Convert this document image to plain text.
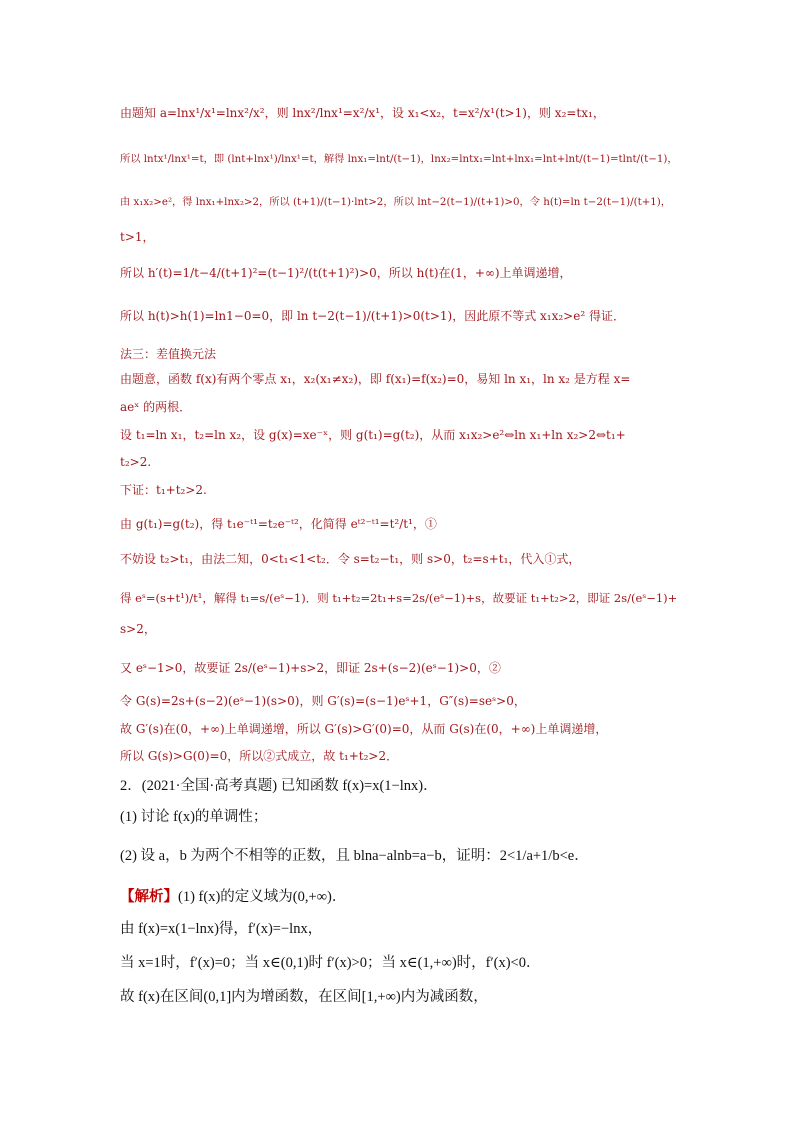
由题知 a=lnx¹/x¹=lnx²/x²，则 lnx²/lnx¹=x²/x¹，设 x₁<x₂，t=x²/x¹(t>1)，则 x₂=tx₁，
所以 lntx¹/lnx¹=t，即 (lnt+lnx¹)/lnx¹=t，解得 lnx₁=lnt/(t−1)，lnx₂=lntx₁=lnt+lnx₁=lnt+lnt/(t−1)=tlnt/(t−1)，
由 x₁x₂>e²，得 lnx₁+lnx₂>2，所以 (t+1)/(t−1)·lnt>2，所以 lnt−2(t−1)/(t+1)>0，令 h(t)=ln t−2(t−1)/(t+1)，
t>1，
所以 h′(t)=1/t−4/(t+1)²=(t−1)²/(t(t+1)²)>0，所以 h(t)在(1，+∞)上单调递增，
所以 h(t)>h(1)=ln1−0=0，即 ln t−2(t−1)/(t+1)>0(t>1)，因此原不等式 x₁x₂>e² 得证．
法三：差值换元法
由题意，函数 f(x)有两个零点 x₁，x₂(x₁≠x₂)，即 f(x₁)=f(x₂)=0，易知 ln x₁，ln x₂ 是方程 x=
aeˣ 的两根．
设 t₁=ln x₁，t₂=ln x₂，设 g(x)=xe⁻ˣ，则 g(t₁)=g(t₂)，从而 x₁x₂>e²⇔ln x₁+ln x₂>2⇔t₁+
t₂>2.
下证：t₁+t₂>2.
由 g(t₁)=g(t₂)，得 t₁e⁻ᵗ¹=t₂e⁻ᵗ²，化简得 eᵗ²⁻ᵗ¹=t²/t¹，①
不妨设 t₂>t₁，由法二知，0<t₁<1<t₂．令 s=t₂−t₁，则 s>0，t₂=s+t₁，代入①式，
得 eˢ=(s+t¹)/t¹，解得 t₁=s/(eˢ−1)．则 t₁+t₂=2t₁+s=2s/(eˢ−1)+s，故要证 t₁+t₂>2，即证 2s/(eˢ−1)+
s>2，
又 eˢ−1>0，故要证 2s/(eˢ−1)+s>2，即证 2s+(s−2)(eˢ−1)>0，②
令 G(s)=2s+(s−2)(eˢ−1)(s>0)，则 G′(s)=(s−1)eˢ+1，G″(s)=seˢ>0，
故 G′(s)在(0，+∞)上单调递增，所以 G′(s)>G′(0)=0，从而 G(s)在(0，+∞)上单调递增，
所以 G(s)>G(0)=0，所以②式成立，故 t₁+t₂>2．
2．(2021·全国·高考真题) 已知函数 f(x)=x(1−lnx)．
(1) 讨论 f(x)的单调性；
(2) 设 a，b 为两个不相等的正数，且 blna−alnb=a−b，证明：2<1/a+1/b<e．
【解析】(1) f(x)的定义域为(0,+∞)．
由 f(x)=x(1−lnx)得，f′(x)=−lnx，
当 x=1时，f′(x)=0；当 x∈(0,1)时 f′(x)>0；当 x∈(1,+∞)时，f′(x)<0．
故 f(x)在区间(0,1]内为增函数，在区间[1,+∞)内为减函数，
